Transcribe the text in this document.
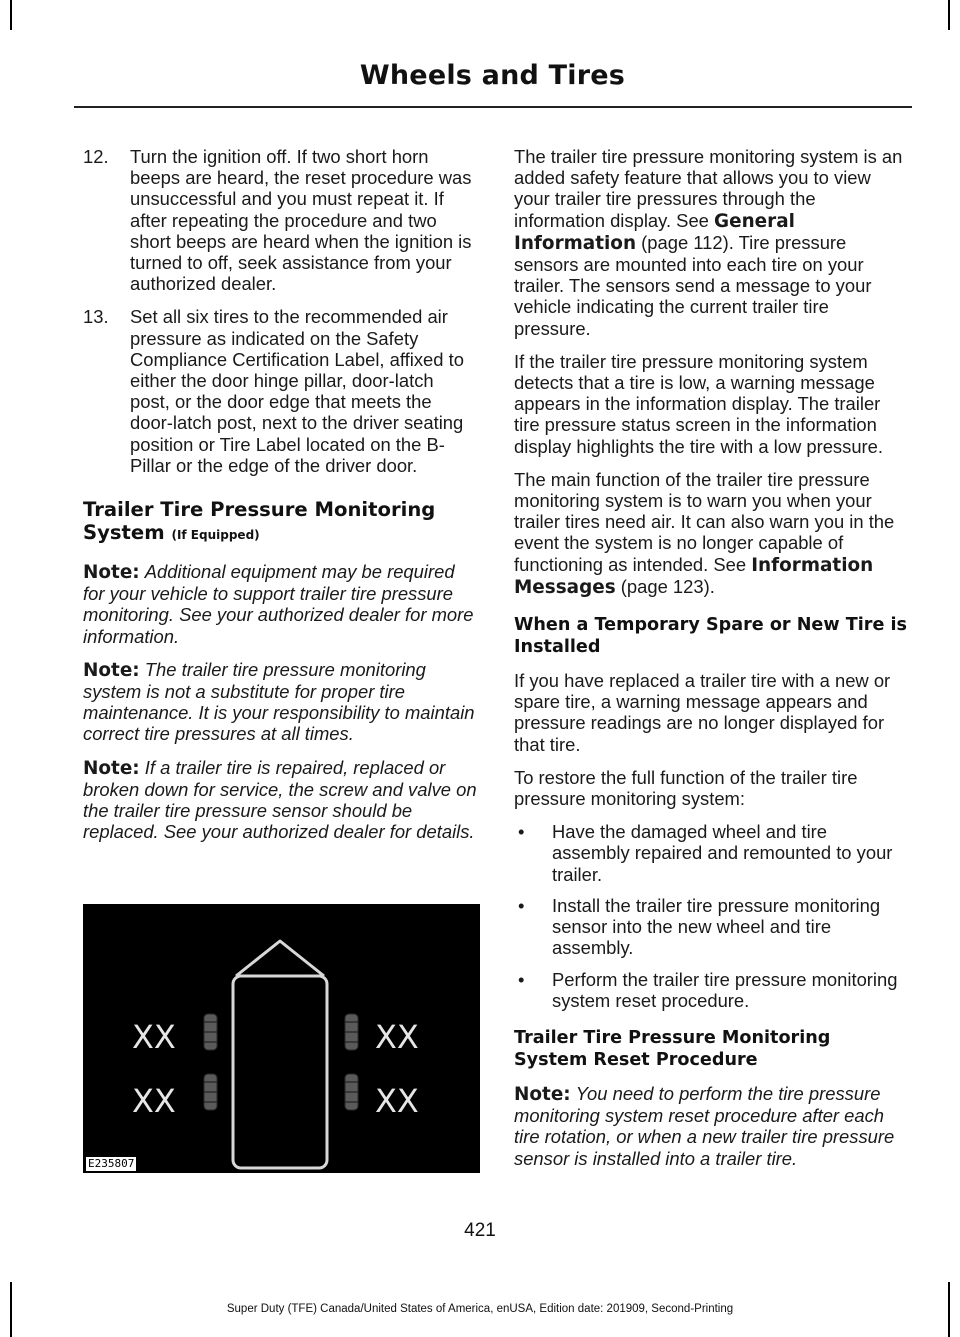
Wheels and Tires
12.	Turn the ignition off. If two short horn beeps are heard, the reset procedure was unsuccessful and you must repeat it. If after repeating the procedure and two short beeps are heard when the ignition is turned to off, seek assistance from your authorized dealer.
13.	Set all six tires to the recommended air pressure as indicated on the Safety Compliance Certification Label, affixed to either the door hinge pillar, door-latch post, or the door edge that meets the door-latch post, next to the driver seating position or Tire Label located on the B-Pillar or the edge of the driver door.
Trailer Tire Pressure Monitoring System (If Equipped)

Note: Additional equipment may be required for your vehicle to support trailer tire pressure monitoring. See your authorized dealer for more information.

Note: The trailer tire pressure monitoring system is not a substitute for proper tire maintenance. It is your responsibility to maintain correct tire pressures at all times.

Note: If a trailer tire is repaired, replaced or broken down for service, the screw and valve on the trailer tire pressure sensor should be replaced. See your authorized dealer for details.

XX
XX
XX
XX
E235807

The trailer tire pressure monitoring system is an added safety feature that allows you to view your trailer tire pressures through the information display. See General Information (page 112). Tire pressure sensors are mounted into each tire on your trailer. The sensors send a message to your vehicle indicating the current trailer tire pressure.

If the trailer tire pressure monitoring system detects that a tire is low, a warning message appears in the information display. The trailer tire pressure status screen in the information display highlights the tire with a low pressure.

The main function of the trailer tire pressure monitoring system is to warn you when your trailer tires need air. It can also warn you in the event the system is no longer capable of functioning as intended. See Information Messages (page 123).

When a Temporary Spare or New Tire is Installed

If you have replaced a trailer tire with a new or spare tire, a warning message appears and pressure readings are no longer displayed for that tire.

To restore the full function of the trailer tire pressure monitoring system:

•	Have the damaged wheel and tire assembly repaired and remounted to your trailer.
•	Install the trailer tire pressure monitoring sensor into the new wheel and tire assembly.
•	Perform the trailer tire pressure monitoring system reset procedure.
Trailer Tire Pressure Monitoring System Reset Procedure

Note: You need to perform the tire pressure monitoring system reset procedure after each tire rotation, or when a new trailer tire pressure sensor is installed into a trailer tire.

421
Super Duty (TFE) Canada/United States of America, enUSA, Edition date: 201909, Second-Printing
